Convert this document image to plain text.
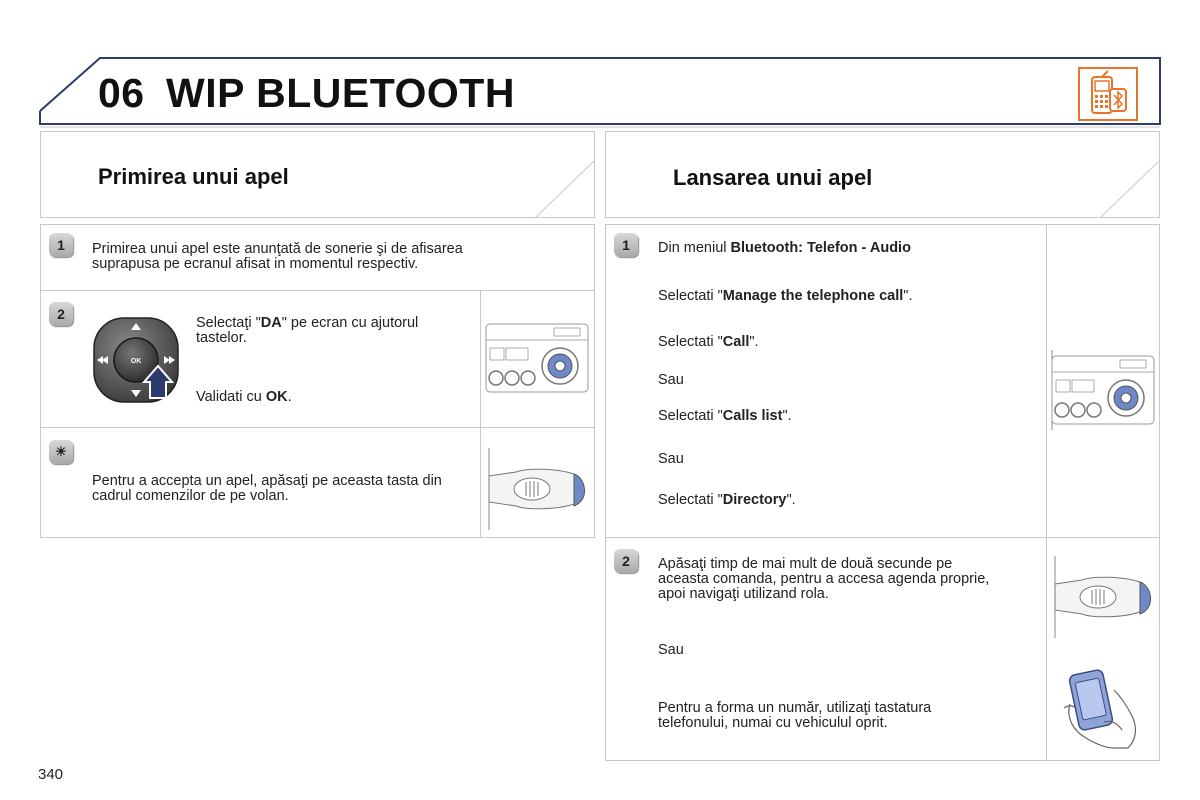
06 WIP BLUETOOTH
Primirea unui apel
1	Primirea unui apel este anunţată de sonerie şi de afisarea suprapusa pe ecranul afisat in momentul respectiv.
2
OK
Selectaţi "DA" pe ecran cu ajutorul tastelor.
Validati cu OK.
☀
Pentru a accepta un apel, apăsaţi pe aceasta tasta din cadrul comenzilor de pe volan.
Lansarea unui apel
1	Din meniul Bluetooth: Telefon - Audio
Selectati "Manage the telephone call".
Selectati "Call".
Sau
Selectati "Calls list".
Sau
Selectati "Directory".
2	Apăsaţi timp de mai mult de două secunde pe aceasta comanda, pentru a accesa agenda proprie, apoi navigaţi utilizand rola.
Sau
Pentru a forma un număr, utilizaţi tastatura telefonului, numai cu vehiculul oprit.
340
